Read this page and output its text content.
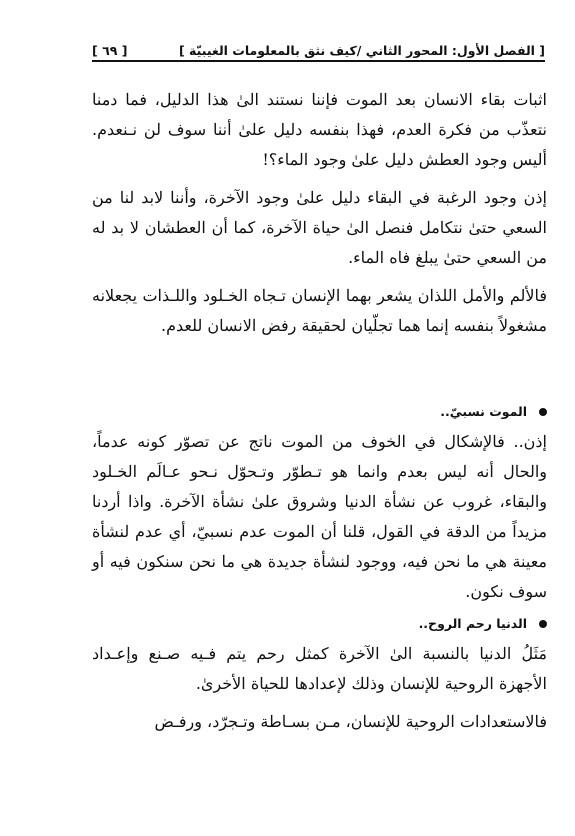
[ الفصل الأول: المحور الثاني /كيف نثق بالمعلومات الغيبيّة ]
[ ٦٩ ]

اثبات بقاء الانسان بعد الموت فإننا نستند الىٰ هذا الدليل، فما دمنا نتعذّب من فكرة العدم، فهذا بنفسه دليل علىٰ أننا سوف لن نـنعدم. أليس وجود العطش دليل علىٰ وجود الماء؟!

إذن وجود الرغبة في البقاء دليل علىٰ وجود الآخرة، وأننا لابد لنا من السعي حتىٰ نتكامل فنصل الىٰ حياة الآخرة، كما أن العطشان لا بد له من السعي حتىٰ يبلغ فاه الماء.

فالألم والأمل اللذان يشعر بهما الإنسان تـجاه الخـلود واللـذات يجعلانه مشغولاً بنفسه إنما هما تجلّيان لحقيقة رفض الانسان للعدم.

الموت نسبيّ..

إذن.. فالإشكال في الخوف من الموت ناتج عن تصوّر كونه عدماً، والحال أنه ليس بعدم وانما هو تـطوّر وتـحوّل نـحو عـالَم الخـلود والبقاء، غروب عن نشأة الدنيا وشروق علىٰ نشأة الآخرة. واذا أردنا مزيداً من الدقة في القول، قلنا أن الموت عدم نسبيّ، أي عدم لنشأة معينة هي ما نحن فيه، ووجود لنشأة جديدة هي ما نحن سنكون فيه أو سوف نكون.

الدنيا رحم الروح..

مَثَلُ الدنيا بالنسبة الىٰ الآخرة كمثل رحم يتم فـيه صـنع وإعـداد الأجهزة الروحية للإنسان وذلك لإعدادها للحياة الأخرىٰ.

فالاستعدادات الروحية للإنسان، مـن بسـاطة وتـجرّد، ورفـض
